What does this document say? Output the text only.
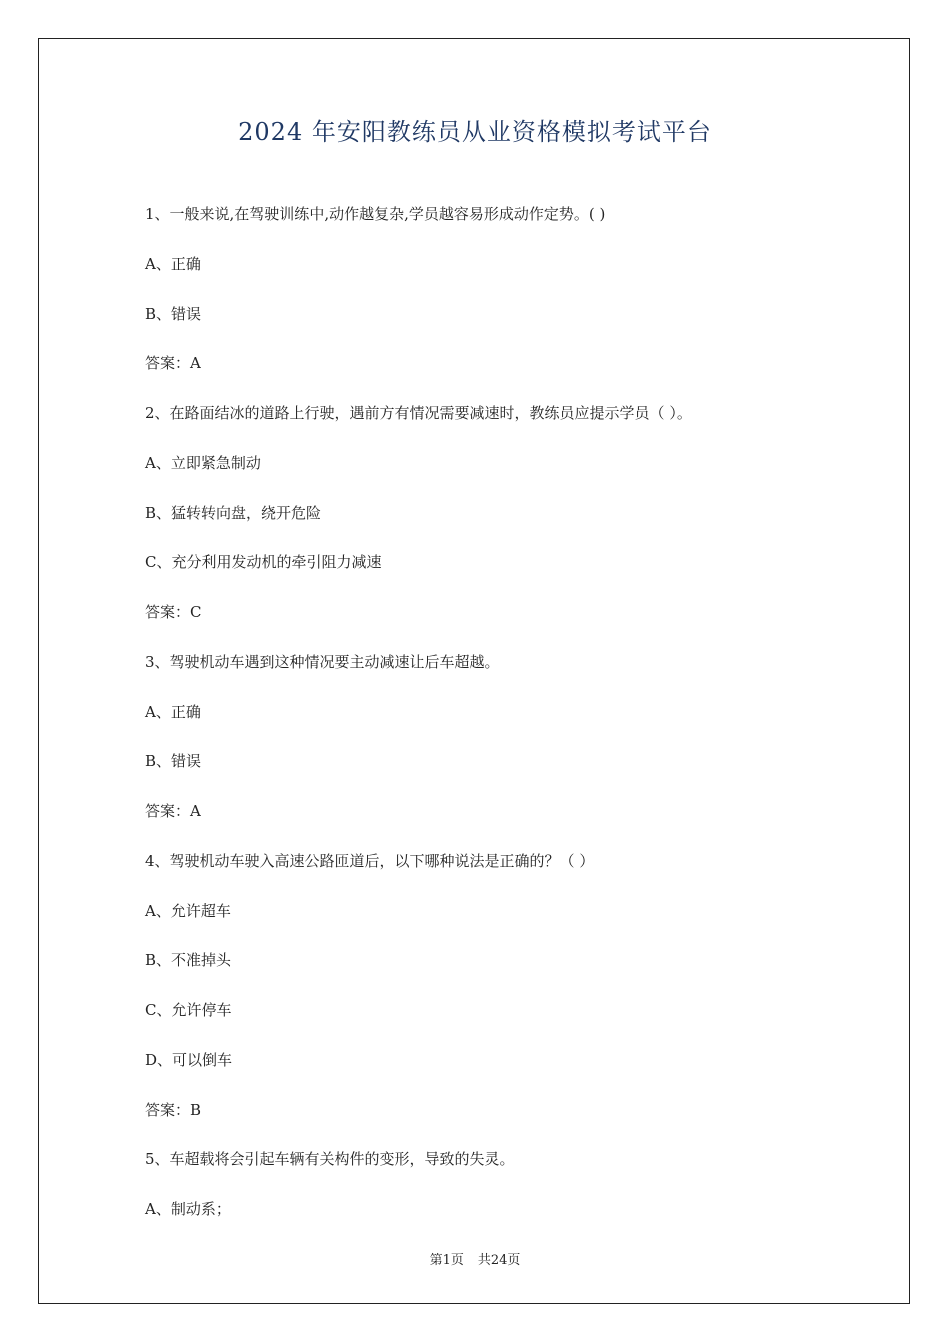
2024 年安阳教练员从业资格模拟考试平台
1、一般来说,在驾驶训练中,动作越复杂,学员越容易形成动作定势。( )
A、正确
B、错误
答案：A
2、在路面结冰的道路上行驶，遇前方有情况需要减速时，教练员应提示学员（ ）。
A、立即紧急制动
B、猛转转向盘，绕开危险
C、充分利用发动机的牵引阻力减速
答案：C
3、驾驶机动车遇到这种情况要主动减速让后车超越。
A、正确
B、错误
答案：A
4、驾驶机动车驶入高速公路匝道后，以下哪种说法是正确的？（ ）
A、允许超车
B、不准掉头
C、允许停车
D、可以倒车
答案：B
5、车超载将会引起车辆有关构件的变形，导致的失灵。
A、制动系；
第1页 共24页
